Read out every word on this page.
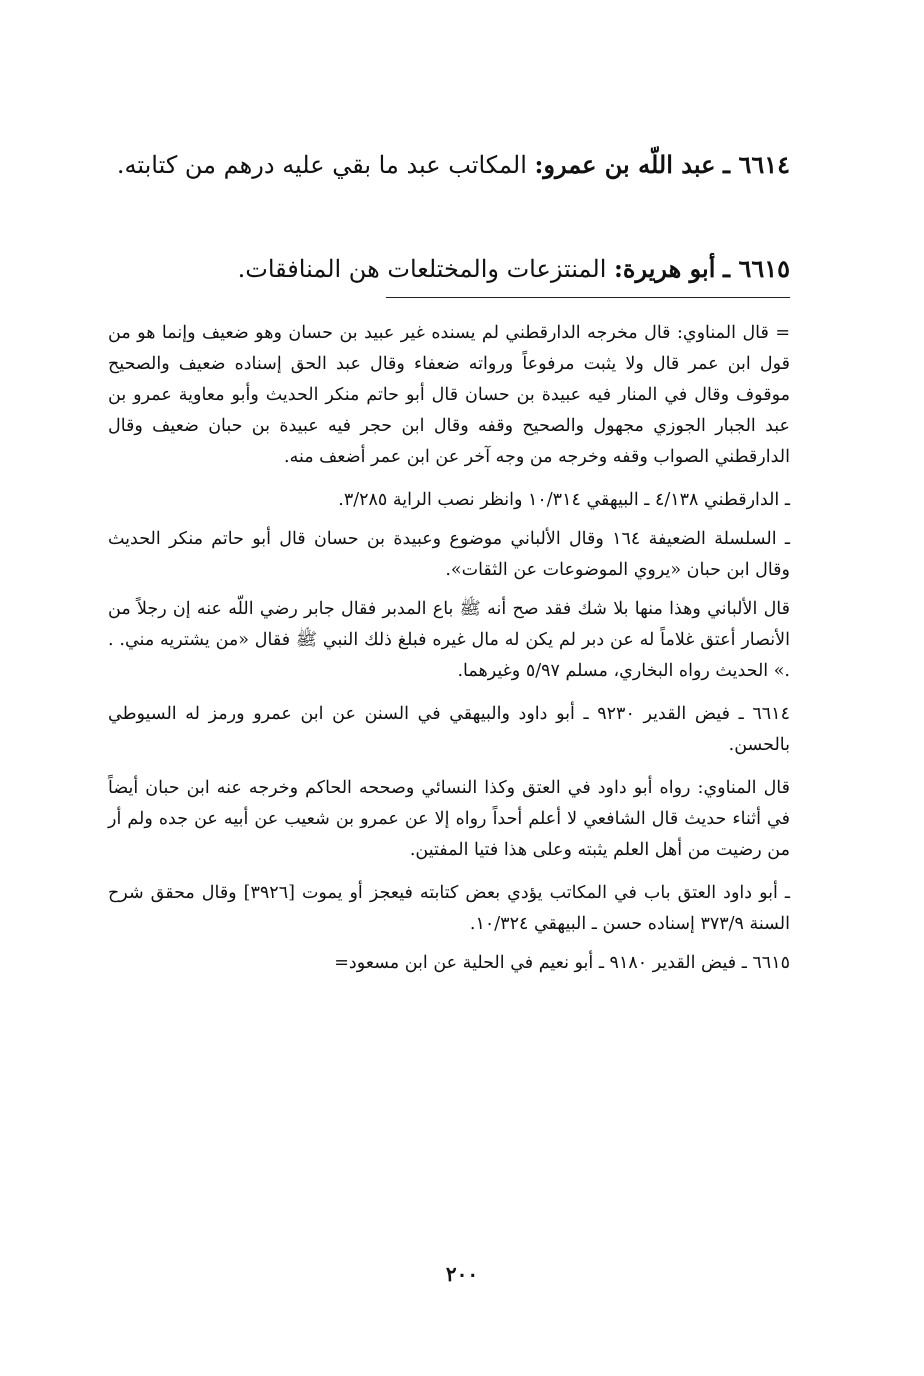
٦٦١٤ ـ عبد اللّه بن عمرو: المكاتب عبد ما بقي عليه درهم من كتابته.
٦٦١٥ ـ أبو هريرة: المنتزعات والمختلعات هن المنافقات.

= قال المناوي: قال مخرجه الدارقطني لم يسنده غير عبيد بن حسان وهو ضعيف وإنما هو من قول ابن عمر قال ولا يثبت مرفوعاً ورواته ضعفاء وقال عبد الحق إسناده ضعيف والصحيح موقوف وقال في المنار فيه عبيدة بن حسان قال أبو حاتم منكر الحديث وأبو معاوية عمرو بن عبد الجبار الجوزي مجهول والصحيح وقفه وقال ابن حجر فيه عبيدة بن حبان ضعيف وقال الدارقطني الصواب وقفه وخرجه من وجه آخر عن ابن عمر أضعف منه.

ـ الدارقطني ٤/١٣٨ ـ البيهقي ١٠/٣١٤ وانظر نصب الراية ٣/٢٨٥.

ـ السلسلة الضعيفة ١٦٤ وقال الألباني موضوع وعبيدة بن حسان قال أبو حاتم منكر الحديث وقال ابن حبان «يروي الموضوعات عن الثقات».

قال الألباني وهذا منها بلا شك فقد صح أنه ﷺ باع المدبر فقال جابر رضي اللّه عنه إن رجلاً من الأنصار أعتق غلاماً له عن دبر لم يكن له مال غيره فبلغ ذلك النبي ﷺ فقال «من يشتريه مني. . .» الحديث رواه البخاري، مسلم ٥/٩٧ وغيرهما.

٦٦١٤ ـ فيض القدير ٩٢٣٠ ـ أبو داود والبيهقي في السنن عن ابن عمرو ورمز له السيوطي بالحسن.

قال المناوي: رواه أبو داود في العتق وكذا النسائي وصححه الحاكم وخرجه عنه ابن حبان أيضاً في أثناء حديث قال الشافعي لا أعلم أحداً رواه إلا عن عمرو بن شعيب عن أبيه عن جده ولم أر من رضيت من أهل العلم يثبته وعلى هذا فتيا المفتين.

ـ أبو داود العتق باب في المكاتب يؤدي بعض كتابته فيعجز أو يموت [٣٩٢٦] وقال محقق شرح السنة ٣٧٣/٩ إسناده حسن ـ البيهقي ١٠/٣٢٤.

٦٦١٥ ـ فيض القدير ٩١٨٠ ـ أبو نعيم في الحلية عن ابن مسعود=

٢٠٠
